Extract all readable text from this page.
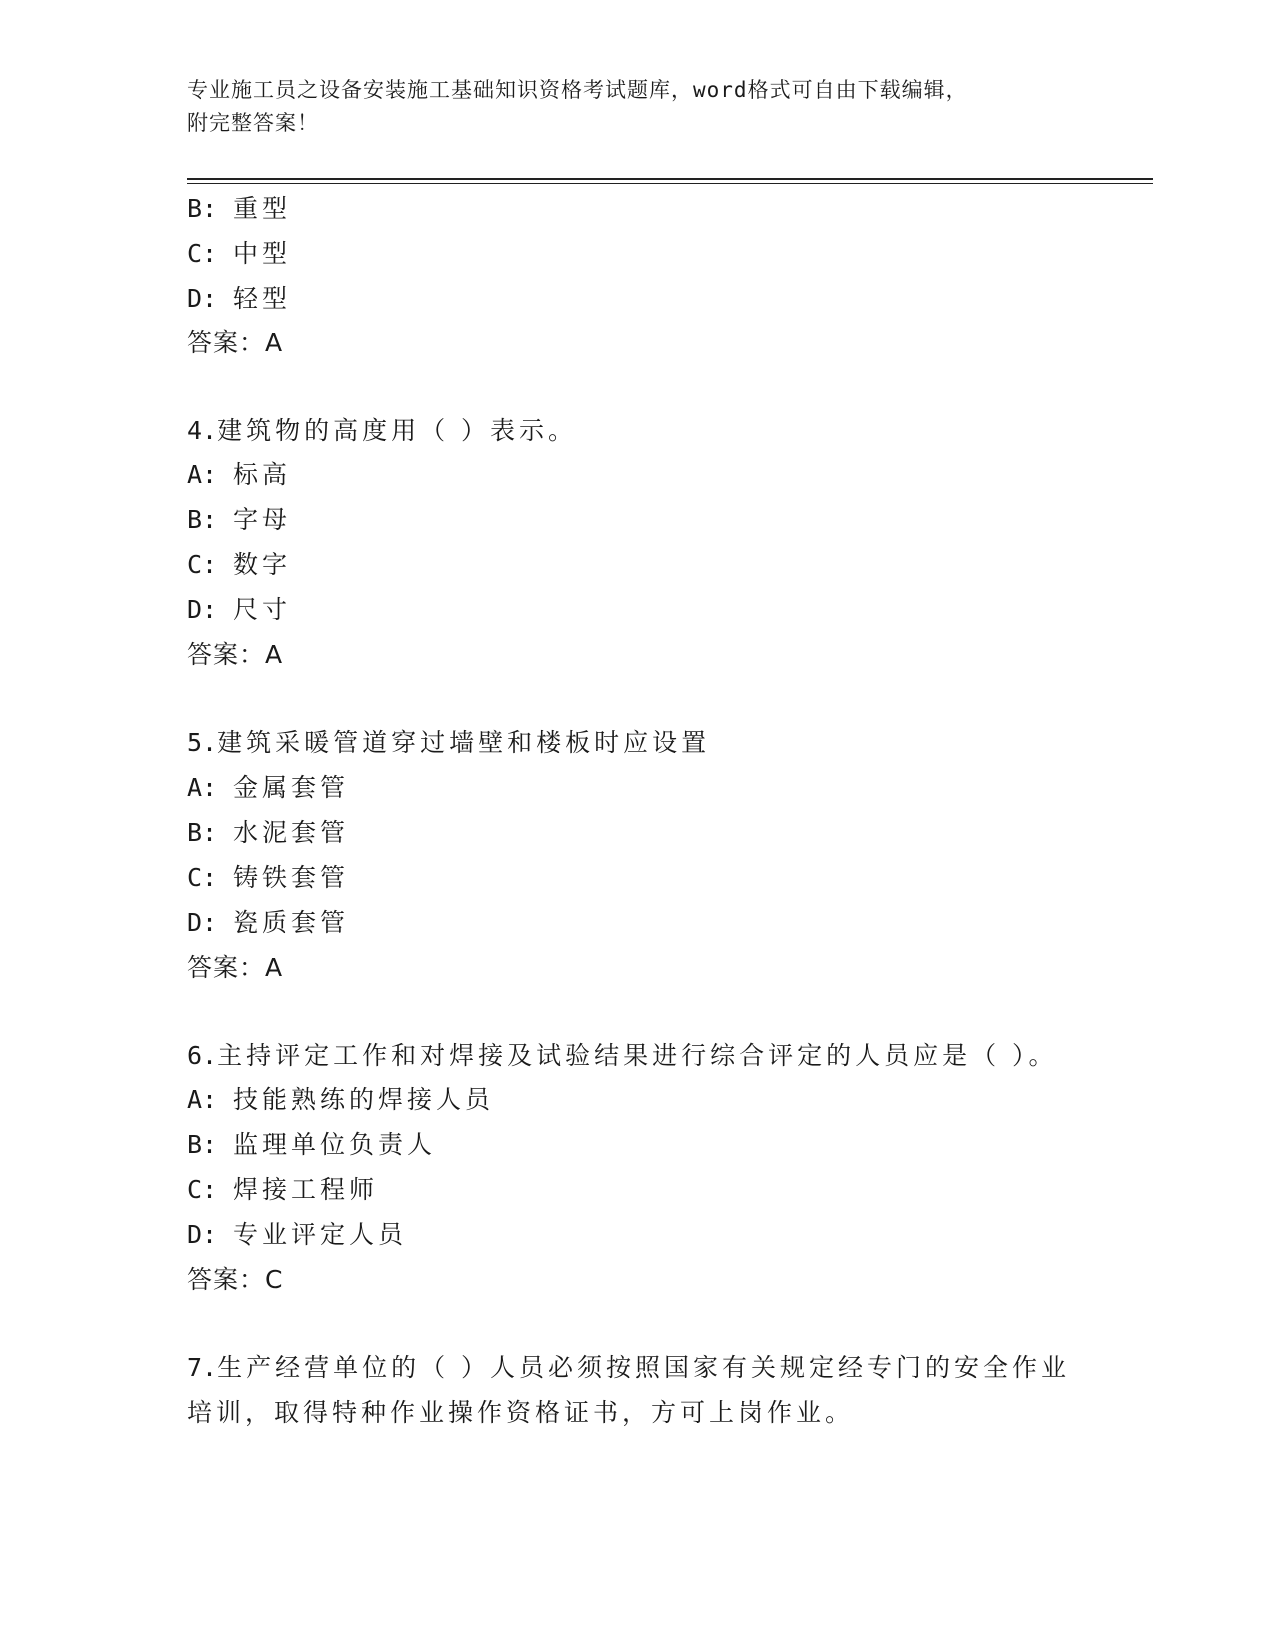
专业施工员之设备安装施工基础知识资格考试题库，word格式可自由下载编辑，
附完整答案！
B: 重型
C: 中型
D: 轻型
答案：A
4.建筑物的高度用（ ）表示。
A: 标高
B: 字母
C: 数字
D: 尺寸
答案：A
5.建筑采暖管道穿过墙壁和楼板时应设置
A: 金属套管
B: 水泥套管
C: 铸铁套管
D: 瓷质套管
答案：A
6.主持评定工作和对焊接及试验结果进行综合评定的人员应是（ ）。
A: 技能熟练的焊接人员
B: 监理单位负责人
C: 焊接工程师
D: 专业评定人员
答案：C
7.生产经营单位的（ ）人员必须按照国家有关规定经专门的安全作业
培训，取得特种作业操作资格证书，方可上岗作业。
